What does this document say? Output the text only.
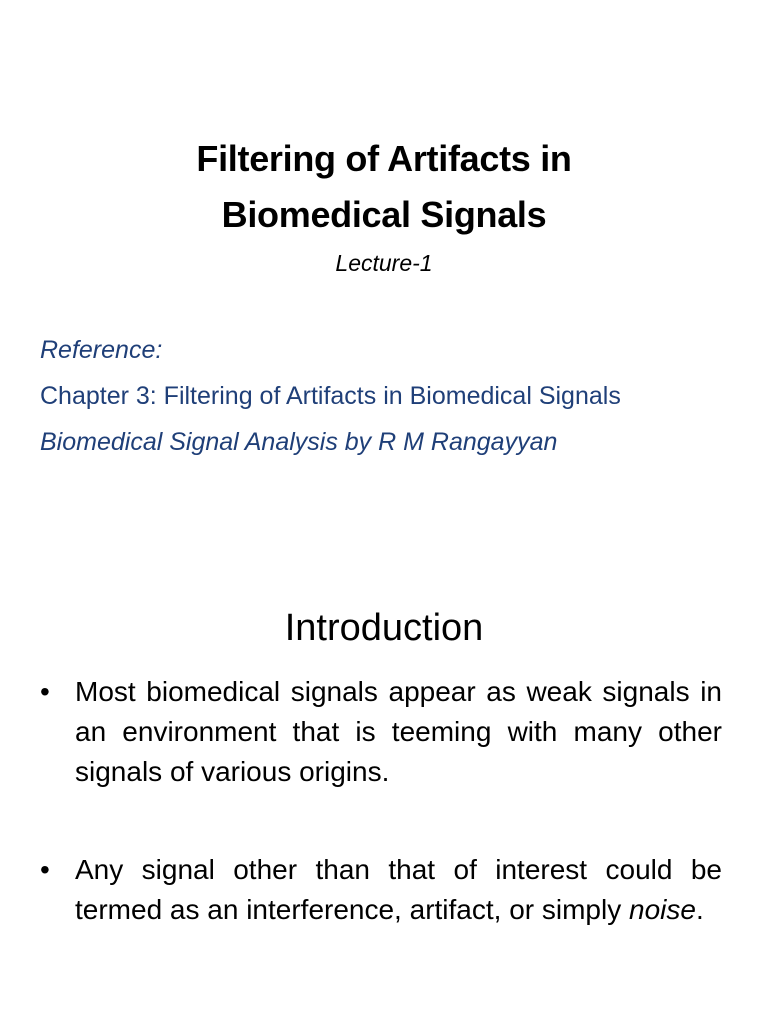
Filtering of Artifacts in
Biomedical Signals
Lecture-1
Reference:
Chapter 3: Filtering of Artifacts in Biomedical Signals
Biomedical Signal Analysis by R M Rangayyan
Introduction
• Most biomedical signals appear as weak signals in an environment that is teeming with many other signals of various origins.
• Any signal other than that of interest could be termed as an interference, artifact, or simply noise.
